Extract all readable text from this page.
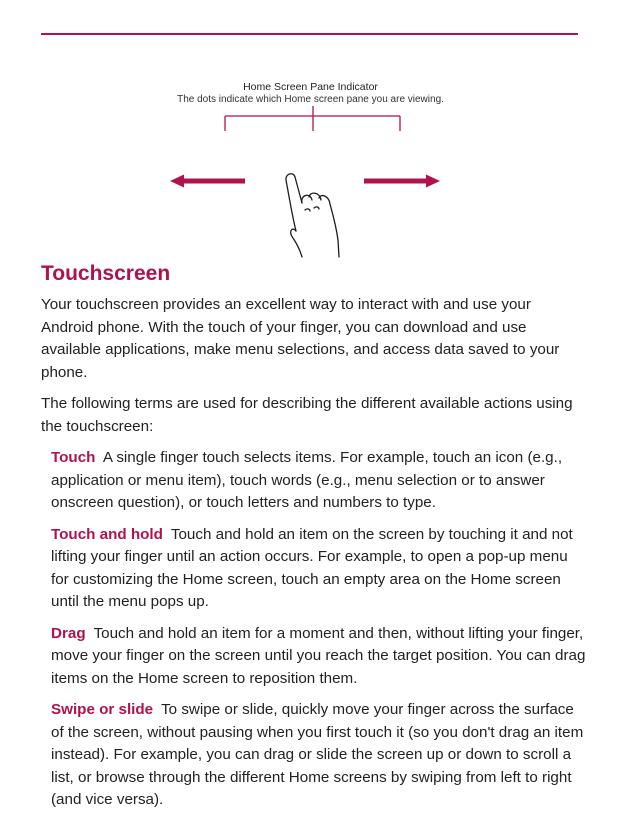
Home Screen Pane Indicator
The dots indicate which Home screen pane you are viewing.
Touchscreen

Your touchscreen provides an excellent way to interact with and use your Android phone. With the touch of your finger, you can download and use available applications, make menu selections, and access data saved to your phone.

The following terms are used for describing the different available actions using the touchscreen:

Touch A single finger touch selects items. For example, touch an icon (e.g., application or menu item), touch words (e.g., menu selection or to answer onscreen question), or touch letters and numbers to type.
Touch and hold Touch and hold an item on the screen by touching it and not lifting your finger until an action occurs. For example, to open a pop-up menu for customizing the Home screen, touch an empty area on the Home screen until the menu pops up.
Drag Touch and hold an item for a moment and then, without lifting your finger, move your finger on the screen until you reach the target position. You can drag items on the Home screen to reposition them.
Swipe or slide To swipe or slide, quickly move your finger across the surface of the screen, without pausing when you first touch it (so you don't drag an item instead). For example, you can drag or slide the screen up or down to scroll a list, or browse through the different Home screens by swiping from left to right (and vice versa).
